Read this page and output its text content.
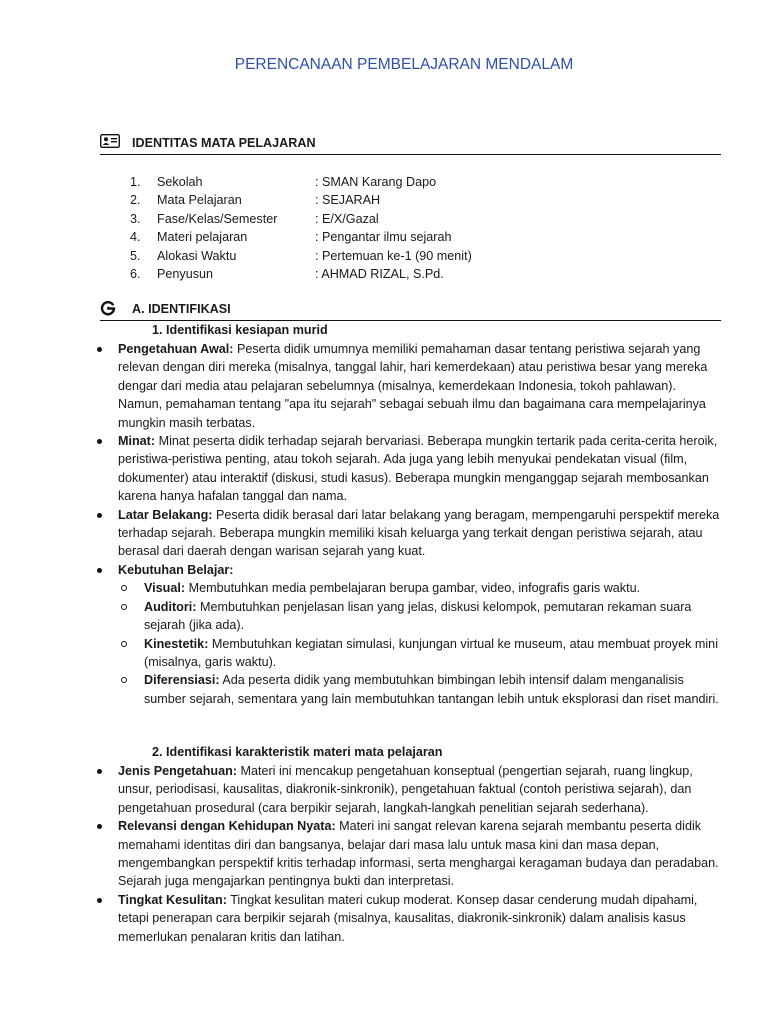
PERENCANAAN PEMBELAJARAN MENDALAM
IDENTITAS MATA PELAJARAN
1.	Sekolah	: SMAN Karang Dapo
2.	Mata Pelajaran	: SEJARAH
3.	Fase/Kelas/Semester	: E/X/Gazal
4.	Materi pelajaran	: Pengantar ilmu sejarah
5.	Alokasi Waktu	: Pertemuan ke-1 (90 menit)
6.	Penyusun	: AHMAD RIZAL, S.Pd.
A. IDENTIFIKASI
1. Identifikasi kesiapan murid
Pengetahuan Awal: Peserta didik umumnya memiliki pemahaman dasar tentang peristiwa sejarah yang relevan dengan diri mereka (misalnya, tanggal lahir, hari kemerdekaan) atau peristiwa besar yang mereka dengar dari media atau pelajaran sebelumnya (misalnya, kemerdekaan Indonesia, tokoh pahlawan). Namun, pemahaman tentang "apa itu sejarah" sebagai sebuah ilmu dan bagaimana cara mempelajarinya mungkin masih terbatas.
Minat: Minat peserta didik terhadap sejarah bervariasi. Beberapa mungkin tertarik pada cerita-cerita heroik, peristiwa-peristiwa penting, atau tokoh sejarah. Ada juga yang lebih menyukai pendekatan visual (film, dokumenter) atau interaktif (diskusi, studi kasus). Beberapa mungkin menganggap sejarah membosankan karena hanya hafalan tanggal dan nama.
Latar Belakang: Peserta didik berasal dari latar belakang yang beragam, mempengaruhi perspektif mereka terhadap sejarah. Beberapa mungkin memiliki kisah keluarga yang terkait dengan peristiwa sejarah, atau berasal dari daerah dengan warisan sejarah yang kuat.
Kebutuhan Belajar:
Visual: Membutuhkan media pembelajaran berupa gambar, video, infografis garis waktu.
Auditori: Membutuhkan penjelasan lisan yang jelas, diskusi kelompok, pemutaran rekaman suara sejarah (jika ada).
Kinestetik: Membutuhkan kegiatan simulasi, kunjungan virtual ke museum, atau membuat proyek mini (misalnya, garis waktu).
Diferensiasi: Ada peserta didik yang membutuhkan bimbingan lebih intensif dalam menganalisis sumber sejarah, sementara yang lain membutuhkan tantangan lebih untuk eksplorasi dan riset mandiri.
2. Identifikasi karakteristik materi mata pelajaran
Jenis Pengetahuan: Materi ini mencakup pengetahuan konseptual (pengertian sejarah, ruang lingkup, unsur, periodisasi, kausalitas, diakronik-sinkronik), pengetahuan faktual (contoh peristiwa sejarah), dan pengetahuan prosedural (cara berpikir sejarah, langkah-langkah penelitian sejarah sederhana).
Relevansi dengan Kehidupan Nyata: Materi ini sangat relevan karena sejarah membantu peserta didik memahami identitas diri dan bangsanya, belajar dari masa lalu untuk masa kini dan masa depan, mengembangkan perspektif kritis terhadap informasi, serta menghargai keragaman budaya dan peradaban. Sejarah juga mengajarkan pentingnya bukti dan interpretasi.
Tingkat Kesulitan: Tingkat kesulitan materi cukup moderat. Konsep dasar cenderung mudah dipahami, tetapi penerapan cara berpikir sejarah (misalnya, kausalitas, diakronik-sinkronik) dalam analisis kasus memerlukan penalaran kritis dan latihan.
